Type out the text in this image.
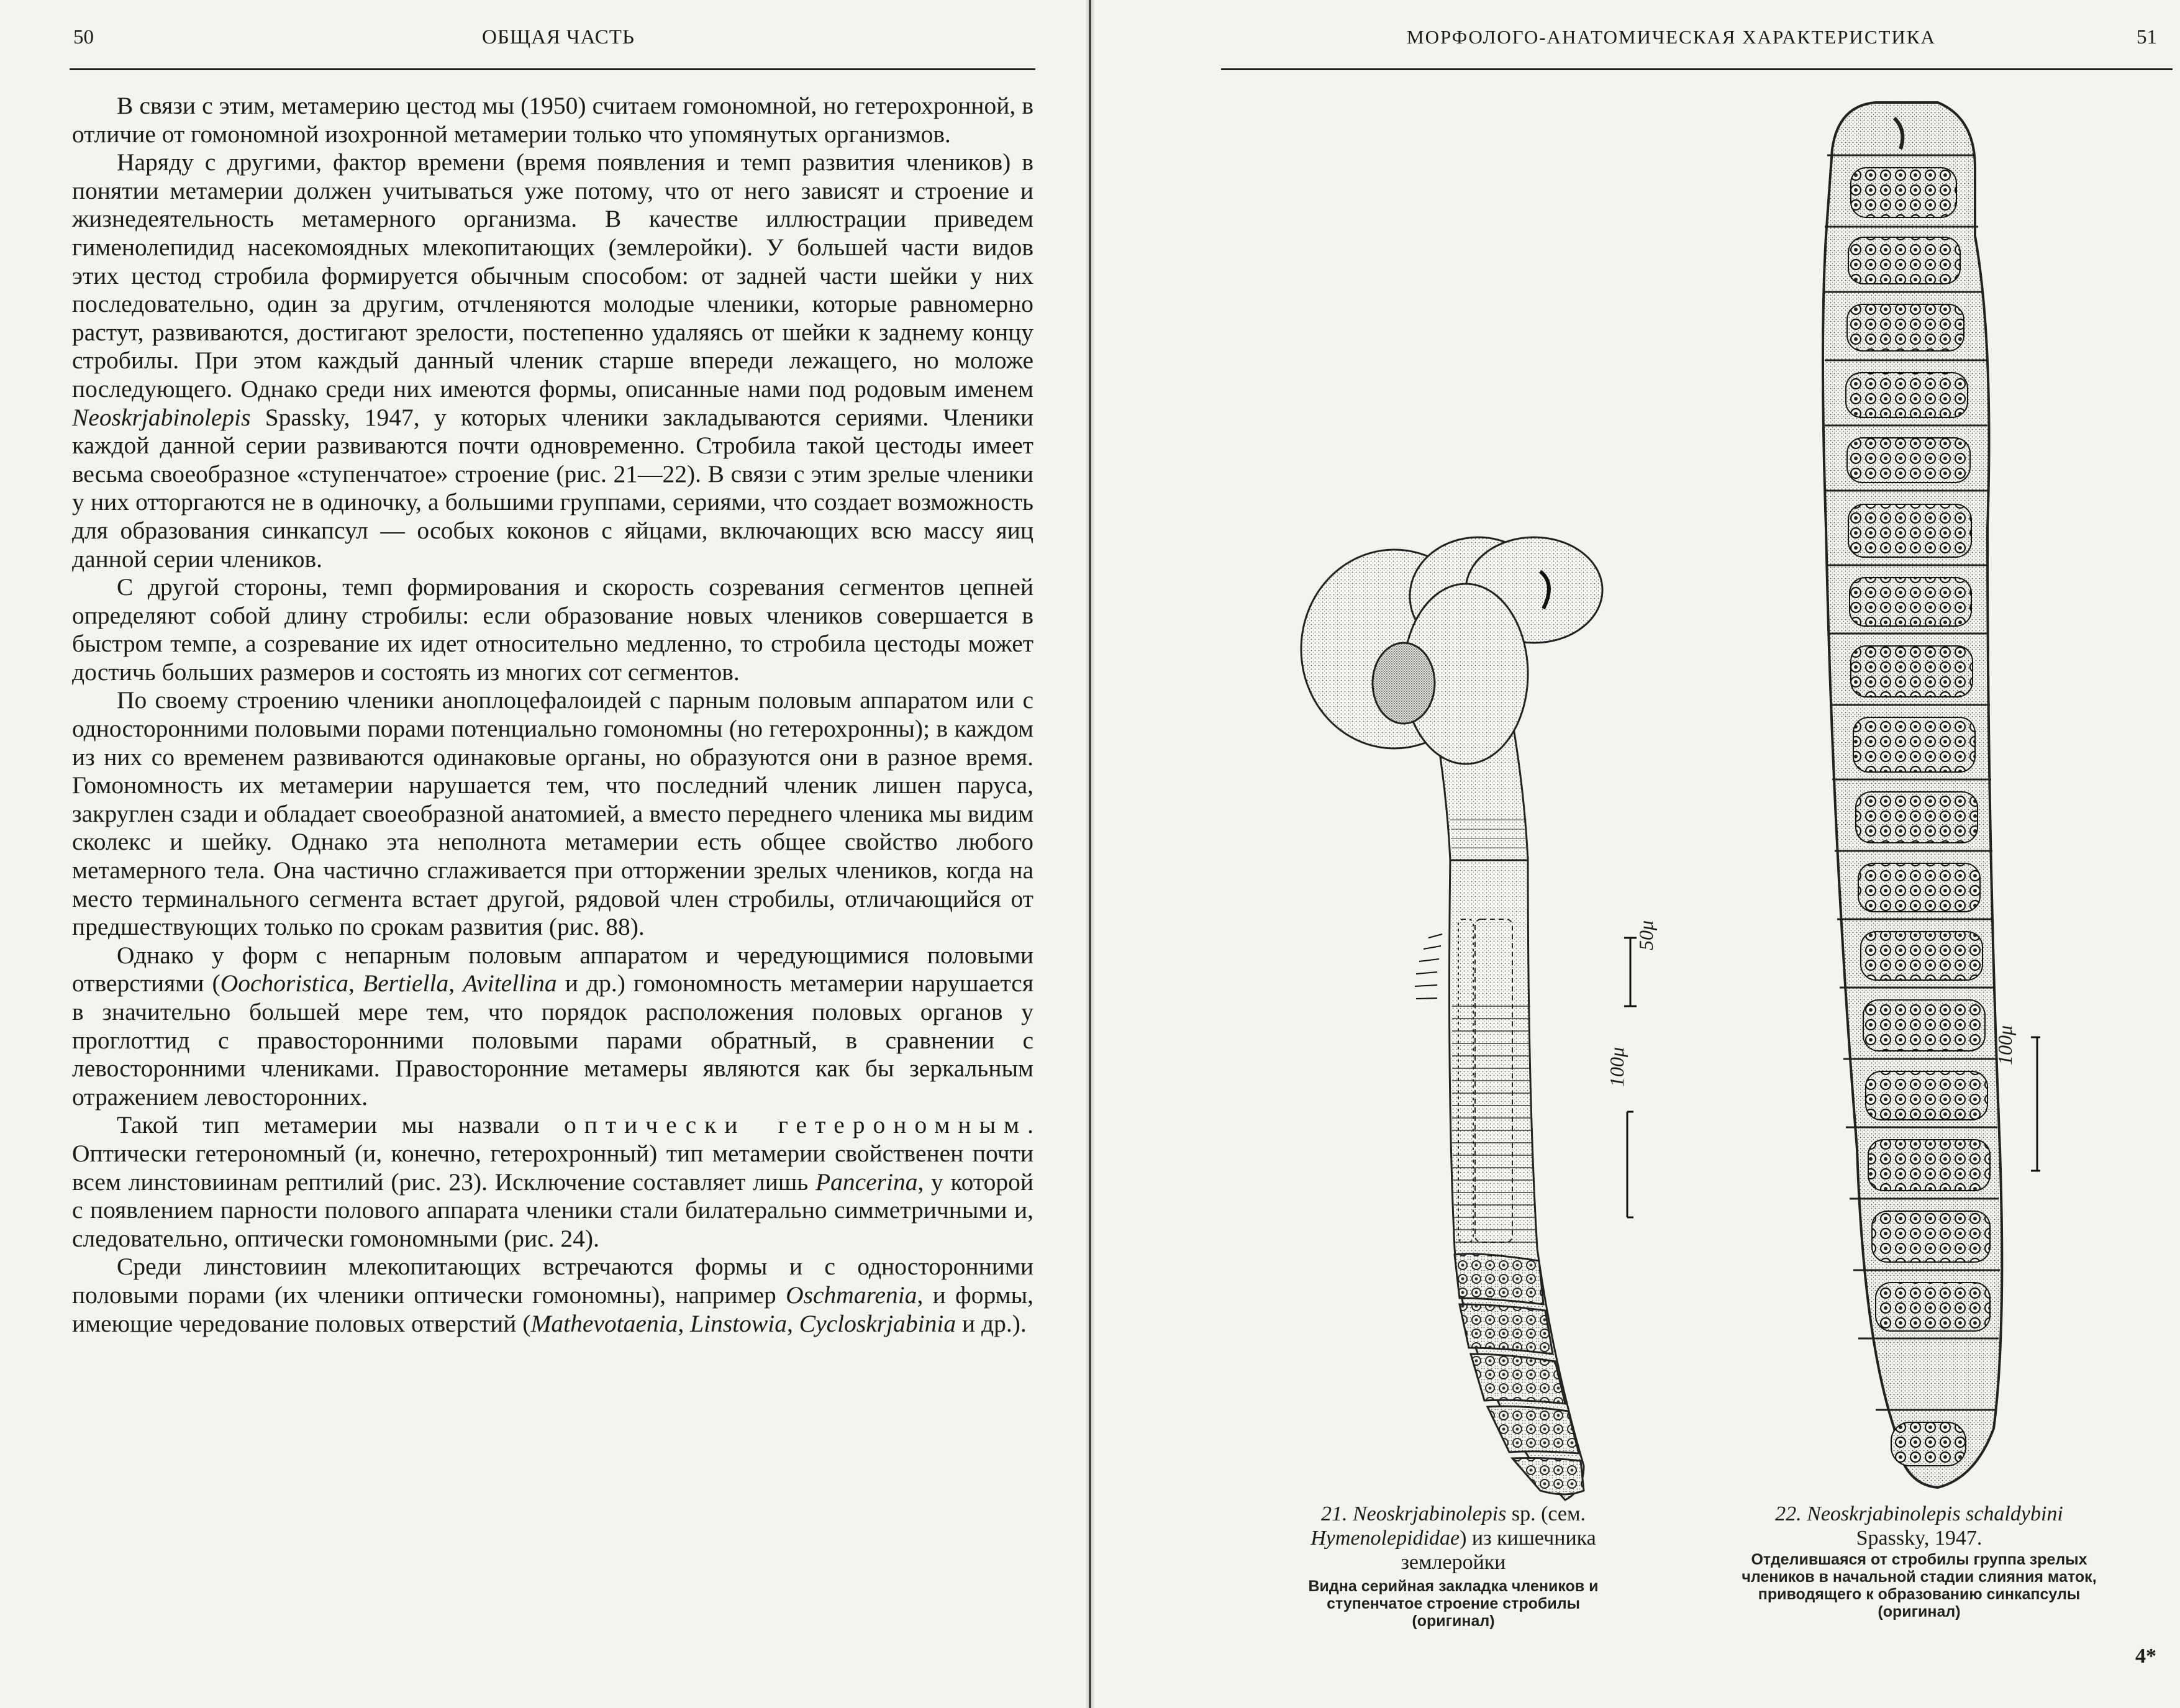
50	ОБЩАЯ ЧАСТЬ

В связи с этим, метамерию цестод мы (1950) считаем гомономной, но гетерохронной, в отличие от гомономной изохронной метамерии только что упомянутых организмов.

Наряду с другими, фактор времени (время появления и темп развития члеников) в понятии метамерии должен учитываться уже потому, что от него зависят и строение и жизнедеятельность метамерного организма. В качестве иллюстрации приведем гименолепидид насекомоядных млекопитающих (землеройки). У большей части видов этих цестод стробила формируется обычным способом: от задней части шейки у них последовательно, один за другим, отчленяются молодые членики, которые равномерно растут, развиваются, достигают зрелости, постепенно удаляясь от шейки к заднему концу стробилы. При этом каждый данный членик старше впереди лежащего, но моложе последующего. Однако среди них имеются формы, описанные нами под родовым именем Neoskrjabinolepis Spassky, 1947, у которых членики закладываются сериями. Членики каждой данной серии развиваются почти одновременно. Стробила такой цестоды имеет весьма своеобразное «ступенчатое» строение (рис. 21—22). В связи с этим зрелые членики у них отторгаются не в одиночку, а большими группами, сериями, что создает возможность для образования синкапсул — особых коконов с яйцами, включающих всю массу яиц данной серии члеников.

С другой стороны, темп формирования и скорость созревания сегментов цепней определяют собой длину стробилы: если образование новых члеников совершается в быстром темпе, а созревание их идет относительно медленно, то стробила цестоды может достичь больших размеров и состоять из многих сот сегментов.

По своему строению членики аноплоцефалоидей с парным половым аппаратом или с односторонними половыми порами потенциально гомономны (но гетерохронны); в каждом из них со временем развиваются одинаковые органы, но образуются они в разное время. Гомономность их метамерии нарушается тем, что последний членик лишен паруса, закруглен сзади и обладает своеобразной анатомией, а вместо переднего членика мы видим сколекс и шейку. Однако эта неполнота метамерии есть общее свойство любого метамерного тела. Она частично сглаживается при отторжении зрелых члеников, когда на место терминального сегмента встает другой, рядовой член стробилы, отличающийся от предшествующих только по срокам развития (рис. 88).

Однако у форм с непарным половым аппаратом и чередующимися половыми отверстиями (Oochoristica, Bertiella, Avitellina и др.) гомономность метамерии нарушается в значительно большей мере тем, что порядок расположения половых органов у проглоттид с правосторонними половыми парами обратный, в сравнении с левосторонними члениками. Правосторонние метамеры являются как бы зеркальным отражением левосторонних.

Такой тип метамерии мы назвали оптически гетерономным. Оптически гетерономный (и, конечно, гетерохронный) тип метамерии свойственен почти всем линстовиинам рептилий (рис. 23). Исключение составляет лишь Pancerina, у которой с появлением парности полового аппарата членики стали билатерально симметричными и, следовательно, оптически гомономными (рис. 24).

Среди линстовиин млекопитающих встречаются формы и с односторонними половыми порами (их членики оптически гомономны), например Oschmarenia, и формы, имеющие чередование половых отверстий (Mathevotaenia, Linstowia, Cycloskrjabinia и др.).

МОРФОЛОГО-АНАТОМИЧЕСКАЯ ХАРАКТЕРИСТИКА	51
50μ
100μ
100μ
21. Neoskrjabinolepis sp. (сем. Hymenolepididae) из кишечника землеройки
Видна серийная закладка члеников и ступенчатое строение стробилы (оригинал)
22. Neoskrjabinolepis schaldybini
Spassky, 1947.
Отделившаяся от стробилы группа зрелых члеников в начальной стадии слияния маток, приводящего к образованию синкапсулы (оригинал)
4*
